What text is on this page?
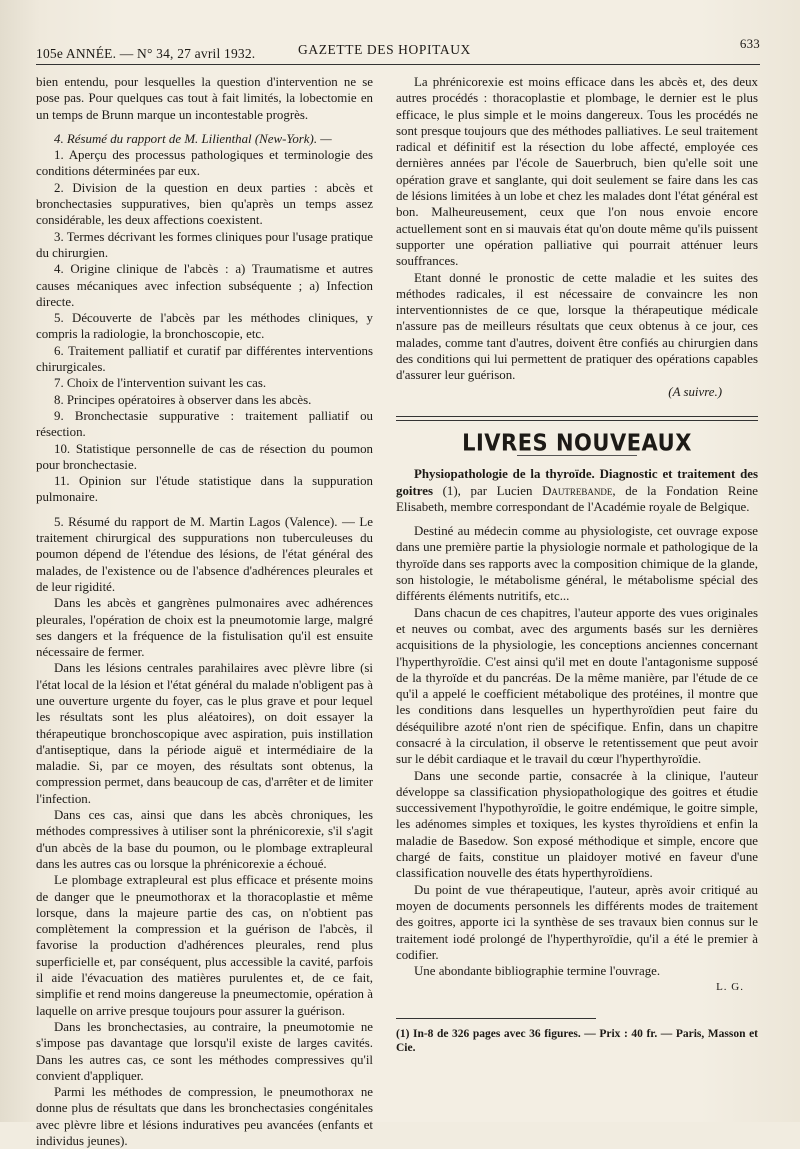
105e ANNÉE. — N° 34, 27 avril 1932.	GAZETTE DES HOPITAUX	633

bien entendu, pour lesquelles la question d'intervention ne se pose pas. Pour quelques cas tout à fait limités, la lobectomie en un temps de Brunn marque un incontestable progrès.

4. Résumé du rapport de M. Lilienthal (New-York). —

1. Aperçu des processus pathologiques et terminologie des conditions déterminées par eux.

2. Division de la question en deux parties : abcès et bronchectasies suppuratives, bien qu'après un temps assez considérable, les deux affections coexistent.

3. Termes décrivant les formes cliniques pour l'usage pratique du chirurgien.

4. Origine clinique de l'abcès : a) Traumatisme et autres causes mécaniques avec infection subséquente ; a) Infection directe.

5. Découverte de l'abcès par les méthodes cliniques, y compris la radiologie, la bronchoscopie, etc.

6. Traitement palliatif et curatif par différentes interventions chirurgicales.

7. Choix de l'intervention suivant les cas.

8. Principes opératoires à observer dans les abcès.

9. Bronchectasie suppurative : traitement palliatif ou résection.

10. Statistique personnelle de cas de résection du poumon pour bronchectasie.

11. Opinion sur l'étude statistique dans la suppuration pulmonaire.

5. Résumé du rapport de M. Martin Lagos (Valence). — Le traitement chirurgical des suppurations non tuberculeuses du poumon dépend de l'étendue des lésions, de l'état général des malades, de l'existence ou de l'absence d'adhérences pleurales et de leur rigidité.

Dans les abcès et gangrènes pulmonaires avec adhérences pleurales, l'opération de choix est la pneumotomie large, malgré ses dangers et la fréquence de la fistulisation qu'il est ensuite nécessaire de fermer.

Dans les lésions centrales parahilaires avec plèvre libre (si l'état local de la lésion et l'état général du malade n'obligent pas à une ouverture urgente du foyer, cas le plus grave et pour lequel les résultats sont les plus aléatoires), on doit essayer la thérapeutique bronchoscopique avec aspiration, puis instillation d'antiseptique, dans la période aiguë et intermédiaire de la maladie. Si, par ce moyen, des résultats sont obtenus, la compression permet, dans beaucoup de cas, d'arrêter et de limiter l'infection.

Dans ces cas, ainsi que dans les abcès chroniques, les méthodes compressives à utiliser sont la phrénicorexie, s'il s'agit d'un abcès de la base du poumon, ou le plombage extrapleural dans les autres cas ou lorsque la phrénicorexie a échoué.

Le plombage extrapleural est plus efficace et présente moins de danger que le pneumothorax et la thoracoplastie et même lorsque, dans la majeure partie des cas, on n'obtient pas complètement la compression et la guérison de l'abcès, il favorise la production d'adhérences pleurales, rend plus superficielle et, par conséquent, plus accessible la cavité, parfois il aide l'évacuation des matières purulentes et, de ce fait, simplifie et rend moins dangereuse la pneumectomie, opération à laquelle on arrive presque toujours pour assurer la guérison.

Dans les bronchectasies, au contraire, la pneumotomie ne s'impose pas davantage que lorsqu'il existe de larges cavités. Dans les autres cas, ce sont les méthodes compressives qu'il convient d'appliquer.

Parmi les méthodes de compression, le pneumothorax ne donne plus de résultats que dans les bronchectasies congénitales avec plèvre libre et lésions induratives peu avancées (enfants et individus jeunes).

La phrénicorexie est moins efficace dans les abcès et, des deux autres procédés : thoracoplastie et plombage, le dernier est le plus efficace, le plus simple et le moins dangereux. Tous les procédés ne sont presque toujours que des méthodes palliatives. Le seul traitement radical et définitif est la résection du lobe affecté, employée ces dernières années par l'école de Sauerbruch, bien qu'elle soit une opération grave et sanglante, qui doit seulement se faire dans les cas de lésions limitées à un lobe et chez les malades dont l'état général est bon. Malheureusement, ceux que l'on nous envoie encore actuellement sont en si mauvais état qu'on doute même qu'ils puissent supporter une opération palliative qui pourrait atténuer leurs souffrances.

Etant donné le pronostic de cette maladie et les suites des méthodes radicales, il est nécessaire de convaincre les non interventionnistes de ce que, lorsque la thérapeutique médicale n'assure pas de meilleurs résultats que ceux obtenus à ce jour, ces malades, comme tant d'autres, doivent être confiés au chirurgien dans des conditions qui lui permettent de pratiquer des opérations capables d'assurer leur guérison.

(A suivre.)

LIVRES NOUVEAUX

Physiopathologie de la thyroïde. Diagnostic et traitement des goitres (1), par Lucien Dautrebande, de la Fondation Reine Elisabeth, membre correspondant de l'Académie royale de Belgique.

Destiné au médecin comme au physiologiste, cet ouvrage expose dans une première partie la physiologie normale et pathologique de la thyroïde dans ses rapports avec la composition chimique de la glande, son histologie, le métabolisme général, le métabolisme spécial des différents éléments nutritifs, etc...

Dans chacun de ces chapitres, l'auteur apporte des vues originales et neuves ou combat, avec des arguments basés sur les dernières acquisitions de la physiologie, les conceptions anciennes concernant l'hyperthyroïdie. C'est ainsi qu'il met en doute l'antagonisme supposé de la thyroïde et du pancréas. De la même manière, par l'étude de ce qu'il a appelé le coefficient métabolique des protéines, il montre que les conditions dans lesquelles un hyperthyroïdien peut faire du déséquilibre azoté n'ont rien de spécifique. Enfin, dans un chapitre consacré à la circulation, il observe le retentissement que peut avoir sur le débit cardiaque et le travail du cœur l'hyperthyroïdie.

Dans une seconde partie, consacrée à la clinique, l'auteur développe sa classification physiopathologique des goitres et étudie successivement l'hypothyroïdie, le goitre endémique, le goitre simple, les adénomes simples et toxiques, les kystes thyroïdiens et enfin la maladie de Basedow. Son exposé méthodique et simple, encore que chargé de faits, constitue un plaidoyer motivé en faveur d'une classification nouvelle des états hyperthyroïdiens.

Du point de vue thérapeutique, l'auteur, après avoir critiqué au moyen de documents personnels les différents modes de traitement des goitres, apporte ici la synthèse de ses travaux bien connus sur le traitement iodé prolongé de l'hyperthyroïdie, qu'il a été le premier à codifier.

Une abondante bibliographie termine l'ouvrage.

L. G.

(1) In-8 de 326 pages avec 36 figures. — Prix : 40 fr. — Paris, Masson et Cie.
